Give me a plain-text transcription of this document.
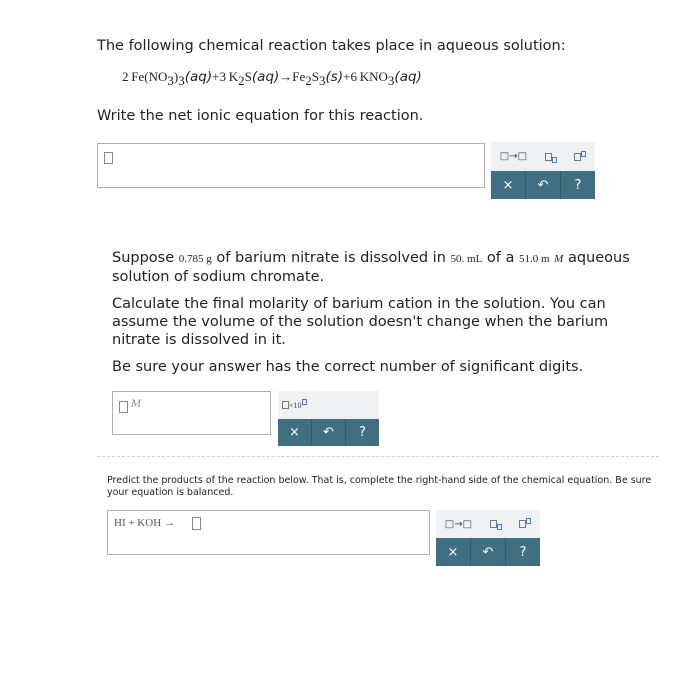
The following chemical reaction takes place in aqueous solution:
2  $Fe(NO_3)_3(aq)+3$  $K_2S(aq)\to Fe_2S_3(s)+6$  $KNO_3(aq)$
Write the net ionic equation for this reaction.
□→□
×	↶	?

Suppose 0.785 g of barium nitrate is dissolved in 50. mL of a 51.0 m M aqueous solution of sodium chromate.

Calculate the final molarity of barium cation in the solution. You can assume the volume of the solution doesn't change when the barium nitrate is dissolved in it.

Be sure your answer has the correct number of significant digits.

M	×10
×	↶	?
Predict the products of the reaction below. That is, complete the right-hand side of the chemical equation. Be sure your equation is balanced.
HI + KOH →	□→□
×	↶	?
